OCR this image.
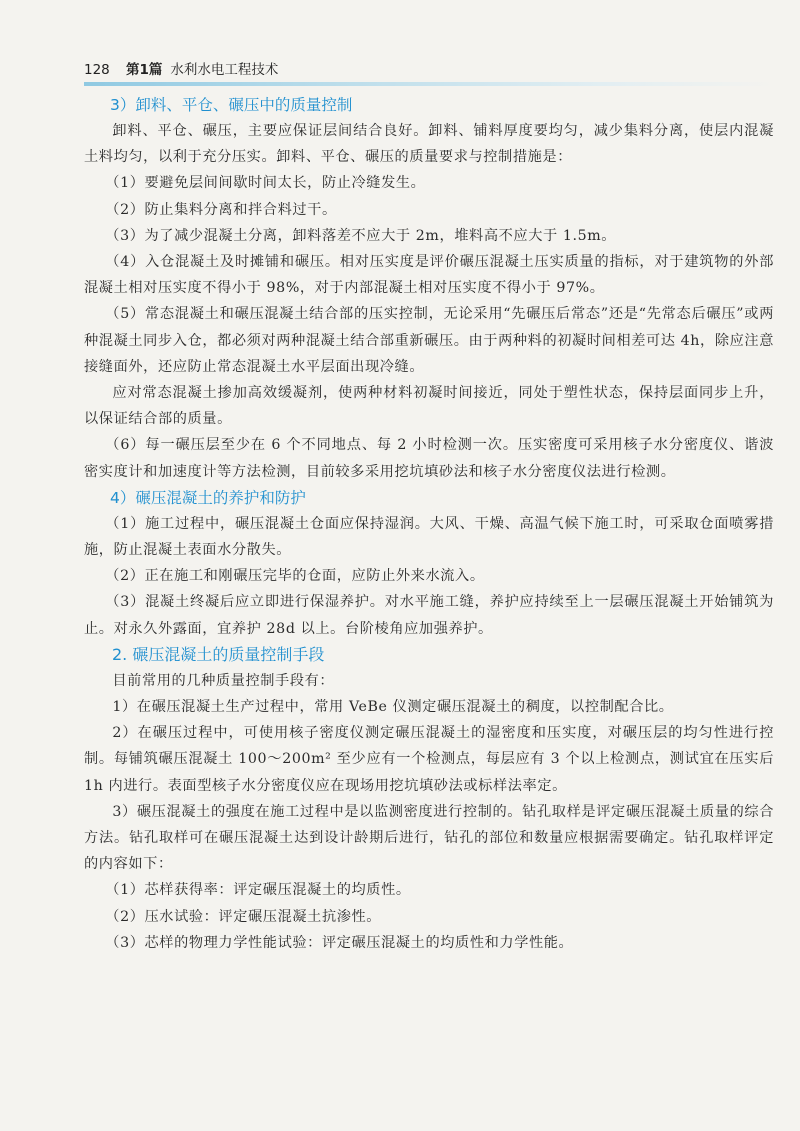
128 第1篇 水利水电工程技术
3）卸料、平仓、碾压中的质量控制

卸料、平仓、碾压，主要应保证层间结合良好。卸料、铺料厚度要均匀，减少集料分离，使层内混凝土料均匀，以利于充分压实。卸料、平仓、碾压的质量要求与控制措施是：

（1）要避免层间间歇时间太长，防止冷缝发生。

（2）防止集料分离和拌合料过干。

（3）为了减少混凝土分离，卸料落差不应大于 2m，堆料高不应大于 1.5m。

（4）入仓混凝土及时摊铺和碾压。相对压实度是评价碾压混凝土压实质量的指标，对于建筑物的外部混凝土相对压实度不得小于 98%，对于内部混凝土相对压实度不得小于 97%。

（5）常态混凝土和碾压混凝土结合部的压实控制，无论采用“先碾压后常态”还是“先常态后碾压”或两种混凝土同步入仓，都必须对两种混凝土结合部重新碾压。由于两种料的初凝时间相差可达 4h，除应注意接缝面外，还应防止常态混凝土水平层面出现冷缝。

应对常态混凝土掺加高效缓凝剂，使两种材料初凝时间接近，同处于塑性状态，保持层面同步上升，以保证结合部的质量。

（6）每一碾压层至少在 6 个不同地点、每 2 小时检测一次。压实密度可采用核子水分密度仪、谐波密实度计和加速度计等方法检测，目前较多采用挖坑填砂法和核子水分密度仪法进行检测。

4）碾压混凝土的养护和防护

（1）施工过程中，碾压混凝土仓面应保持湿润。大风、干燥、高温气候下施工时，可采取仓面喷雾措施，防止混凝土表面水分散失。

（2）正在施工和刚碾压完毕的仓面，应防止外来水流入。

（3）混凝土终凝后应立即进行保湿养护。对水平施工缝，养护应持续至上一层碾压混凝土开始铺筑为止。对永久外露面，宜养护 28d 以上。台阶棱角应加强养护。

2. 碾压混凝土的质量控制手段

目前常用的几种质量控制手段有：

1）在碾压混凝土生产过程中，常用 VeBe 仪测定碾压混凝土的稠度，以控制配合比。

2）在碾压过程中，可使用核子密度仪测定碾压混凝土的湿密度和压实度，对碾压层的均匀性进行控制。每铺筑碾压混凝土 100～200m² 至少应有一个检测点，每层应有 3 个以上检测点，测试宜在压实后 1h 内进行。表面型核子水分密度仪应在现场用挖坑填砂法或标样法率定。

3）碾压混凝土的强度在施工过程中是以监测密度进行控制的。钻孔取样是评定碾压混凝土质量的综合方法。钻孔取样可在碾压混凝土达到设计龄期后进行，钻孔的部位和数量应根据需要确定。钻孔取样评定的内容如下：

（1）芯样获得率：评定碾压混凝土的均质性。

（2）压水试验：评定碾压混凝土抗渗性。

（3）芯样的物理力学性能试验：评定碾压混凝土的均质性和力学性能。
